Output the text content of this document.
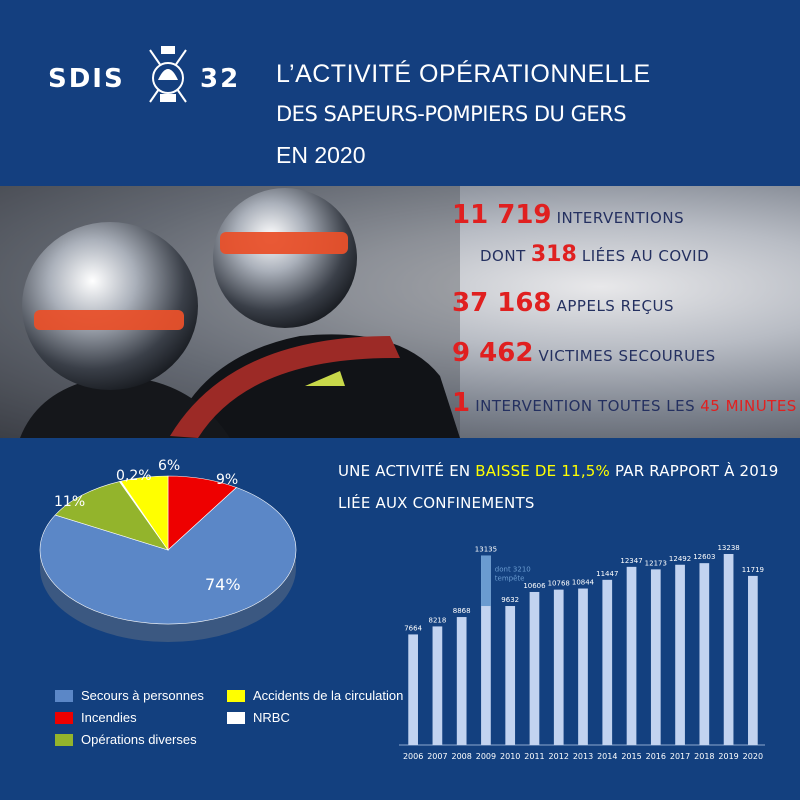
SDIS	32 L’ACTIVITÉ OPÉRATIONNELLE
DES SAPEURS-POMPIERS DU GERS
EN 2020
11 719 INTERVENTIONS
DONT 318 LIÉES AU COVID
37 168 APPELS REÇUS
9 462 VICTIMES SECOURUES
1 INTERVENTION TOUTES LES 45 MINUTES
UNE ACTIVITÉ EN BAISSE DE 11,5% PAR RAPPORT À 2019
LIÉE AUX CONFINEMENTS
74%
9%
11%
6%
0,2%
Secours à personnes
Incendies
Opérations diverses
Accidents de la circulation
NRBC
7664
2006
8218
2007
8868
2008
dont 3210
tempête
13135
2009
9632
2010
10606
2011
10768
2012
10844
2013
11447
2014
12347
2015
12173
2016
12492
2017
12603
2018
13238
2019
11719
2020
